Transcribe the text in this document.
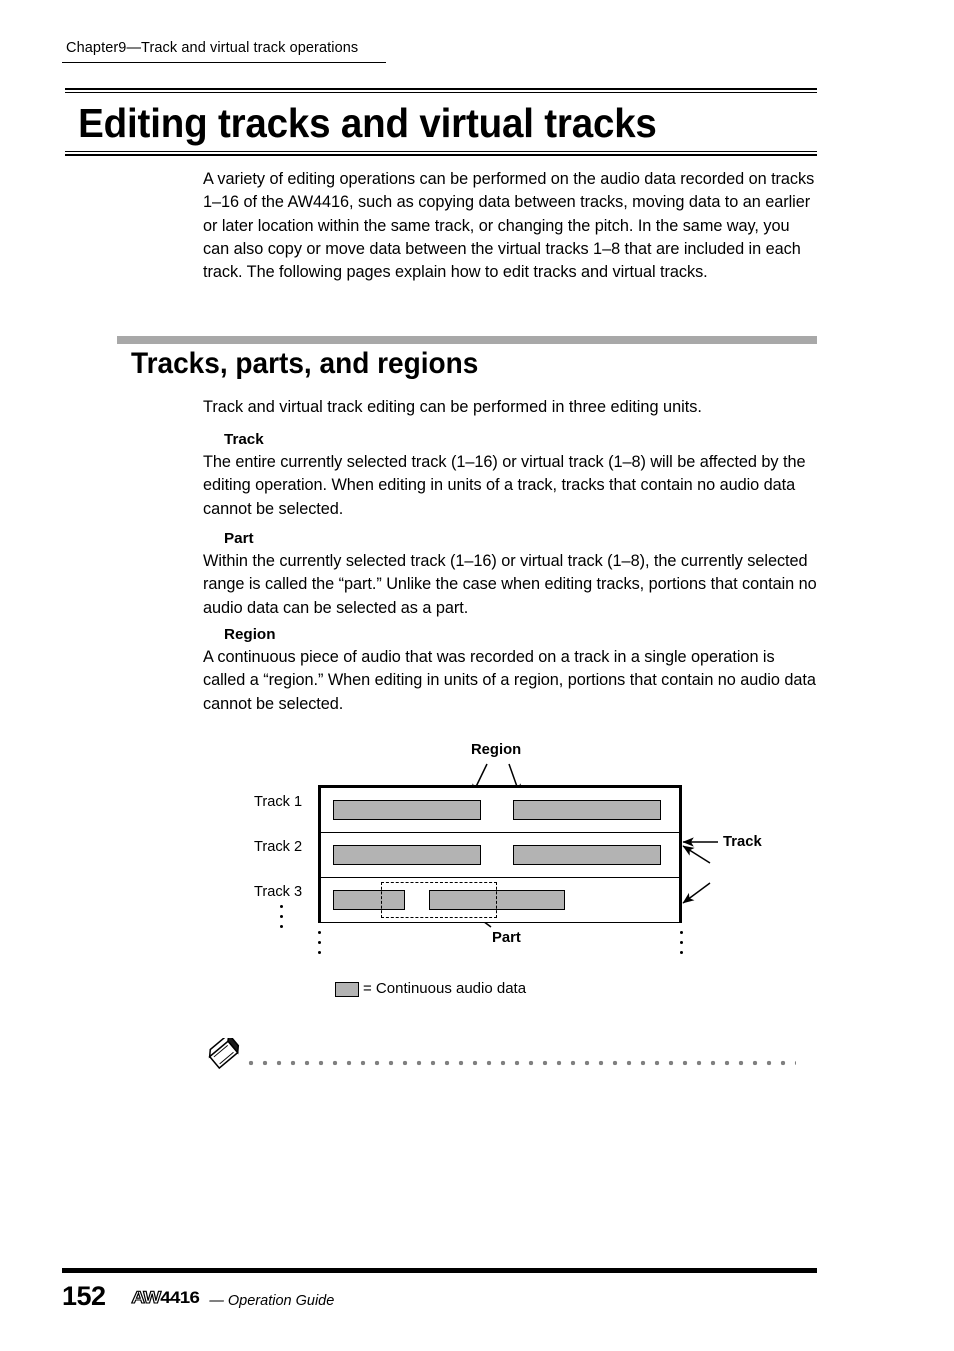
Chapter9—Track and virtual track operations
Editing tracks and virtual tracks
A variety of editing operations can be performed on the audio data recorded on tracks 1–16 of the AW4416, such as copying data between tracks, moving data to an earlier or later location within the same track, or changing the pitch. In the same way, you can also copy or move data between the virtual tracks 1–8 that are included in each track. The following pages explain how to edit tracks and virtual tracks.
Tracks, parts, and regions
Track and virtual track editing can be performed in three editing units.
Track
The entire currently selected track (1–16) or virtual track (1–8) will be affected by the editing operation. When editing in units of a track, tracks that contain no audio data cannot be selected.
Part
Within the currently selected track (1–16) or virtual track (1–8), the currently selected range is called the “part.” Unlike the case when editing tracks, portions that contain no audio data can be selected as a part.
Region
A continuous piece of audio that was recorded on a track in a single operation is called a “region.” When editing in units of a region, portions that contain no audio data cannot be selected.
Region
Track
Part
Track 1
Track 2
Track 3
= Continuous audio data
152 AW 4416 — Operation Guide
